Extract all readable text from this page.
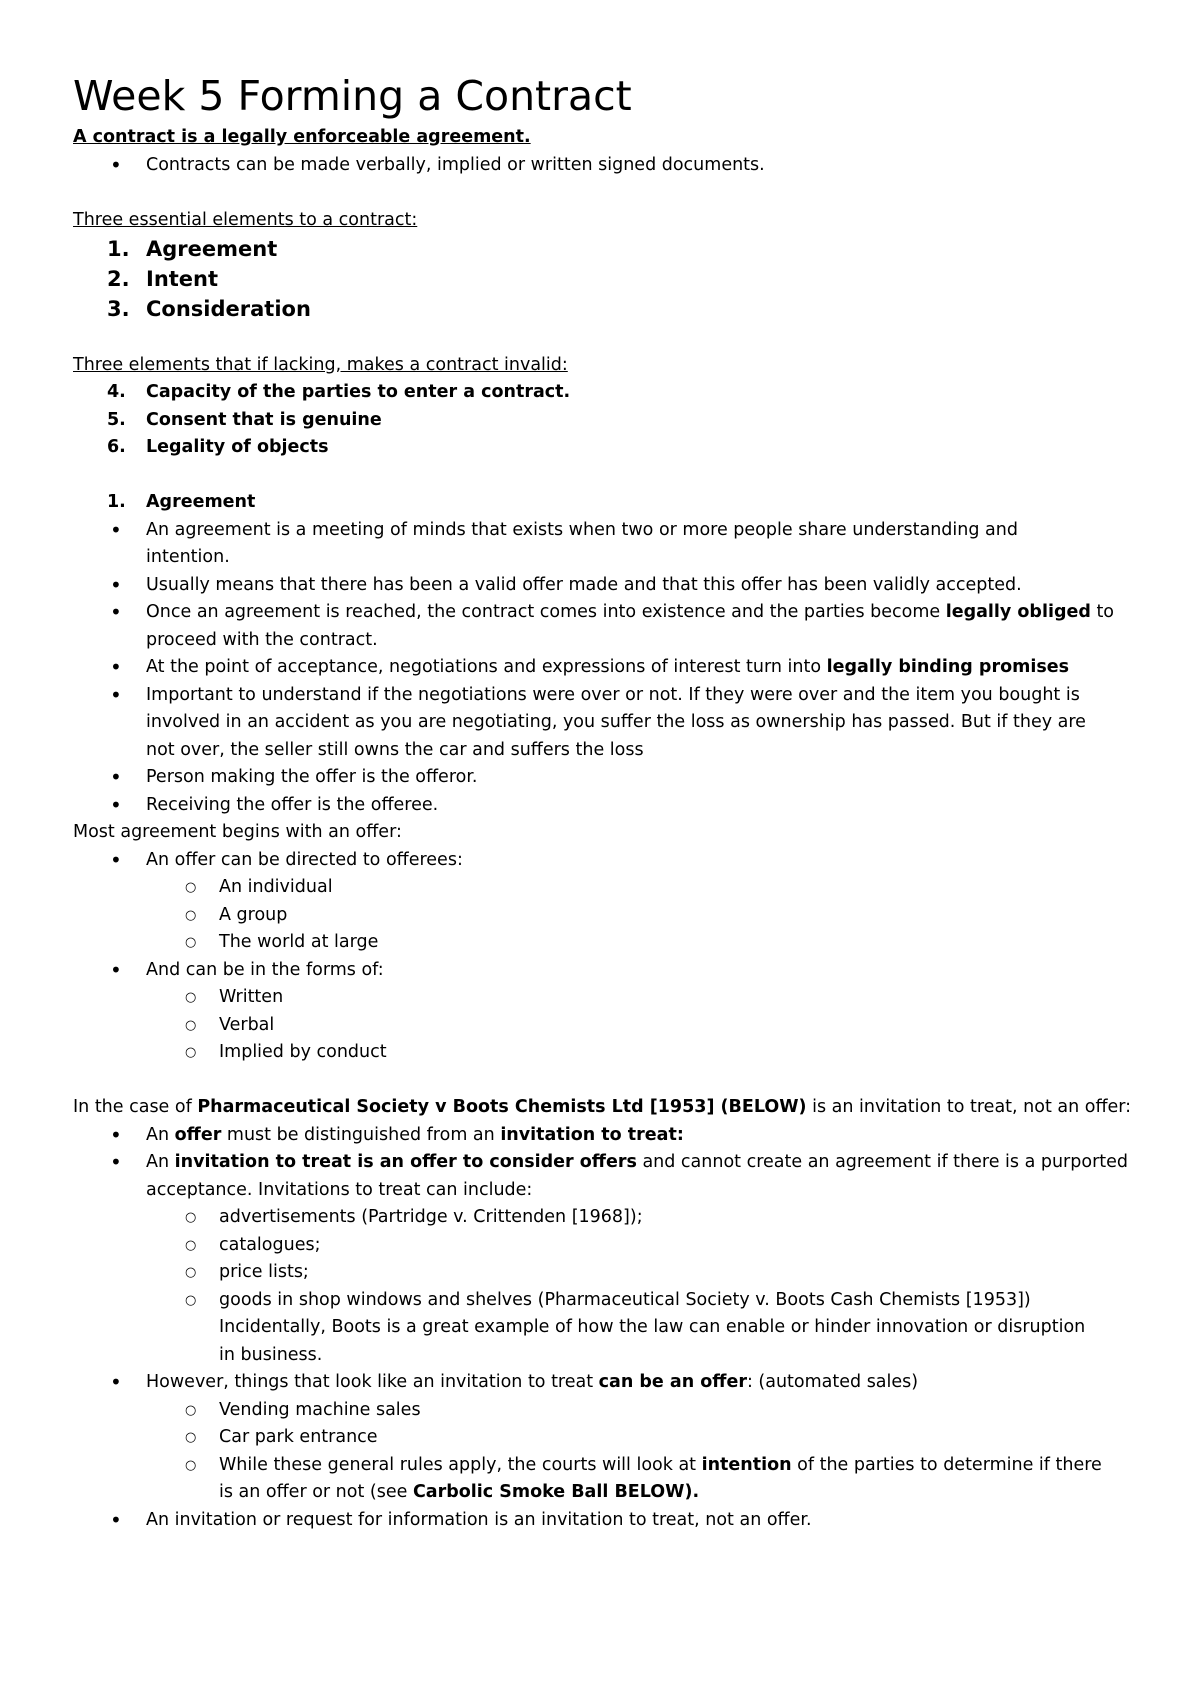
Week 5 Forming a Contract
A contract is a legally enforceable agreement.
• Contracts can be made verbally, implied or written signed documents.
Three essential elements to a contract:
1. Agreement
2. Intent
3. Consideration
Three elements that if lacking, makes a contract invalid:
4.	Capacity of the parties to enter a contract.
5.	Consent that is genuine
6.	Legality of objects
1.	Agreement
• An agreement is a meeting of minds that exists when two or more people share understanding and
intention.
• Usually means that there has been a valid offer made and that this offer has been validly accepted.
• Once an agreement is reached, the contract comes into existence and the parties become legally obliged to
proceed with the contract.
• At the point of acceptance, negotiations and expressions of interest turn into legally binding promises
• Important to understand if the negotiations were over or not. If they were over and the item you bought is
involved in an accident as you are negotiating, you suffer the loss as ownership has passed. But if they are
not over, the seller still owns the car and suffers the loss
• Person making the offer is the offeror.
• Receiving the offer is the offeree.
Most agreement begins with an offer:
• An offer can be directed to offerees:
○ An individual
○ A group
○ The world at large
• And can be in the forms of:
○ Written
○ Verbal
○ Implied by conduct
In the case of Pharmaceutical Society v Boots Chemists Ltd [1953] (BELOW) is an invitation to treat, not an offer:
• An offer must be distinguished from an invitation to treat:
• An invitation to treat is an offer to consider offers and cannot create an agreement if there is a purported
acceptance. Invitations to treat can include:
○ advertisements (Partridge v. Crittenden [1968]);
○ catalogues;
○ price lists;
○ goods in shop windows and shelves (Pharmaceutical Society v. Boots Cash Chemists [1953])
Incidentally, Boots is a great example of how the law can enable or hinder innovation or disruption
in business.
• However, things that look like an invitation to treat can be an offer: (automated sales)
○ Vending machine sales
○ Car park entrance
○ While these general rules apply, the courts will look at intention of the parties to determine if there
is an offer or not (see Carbolic Smoke Ball BELOW).
• An invitation or request for information is an invitation to treat, not an offer.
